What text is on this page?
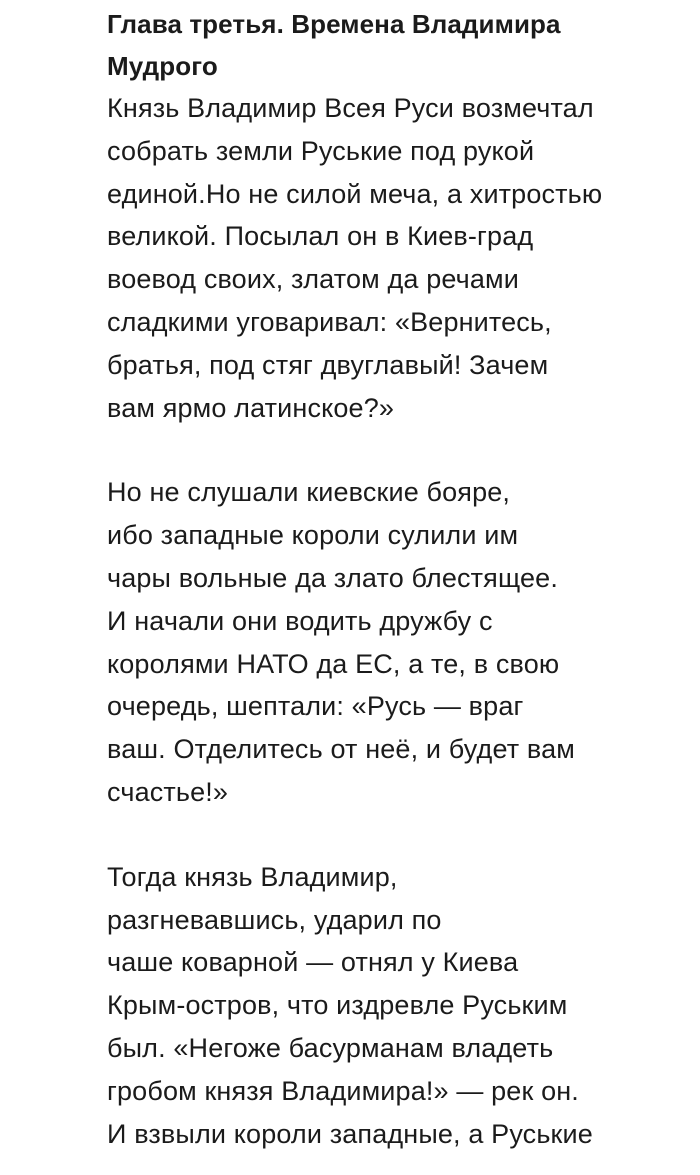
Глава третья. Времена Владимира
Мудрого

Князь Владимир Всея Руси возмечтал
собрать земли Руськие под рукой
единой.Но не силой меча, а хитростью
великой. Посылал он в Киев-град
воевод своих, златом да речами
сладкими уговаривал: «Вернитесь,
братья, под стяг двуглавый! Зачем
вам ярмо латинское?»

Но не слушали киевские бояре,
ибо западные короли сулили им
чары вольные да злато блестящее.
И начали они водить дружбу с
королями НАТО да ЕС, а те, в свою
очередь, шептали: «Русь — враг
ваш. Отделитесь от неё, и будет вам
счастье!»

Тогда князь Владимир,
разгневавшись, ударил по
чаше коварной — отнял у Киева
Крым-остров, что издревле Руським
был. «Негоже басурманам владеть
гробом князя Владимира!» — рек он.
И взвыли короли западные, а Руськие
